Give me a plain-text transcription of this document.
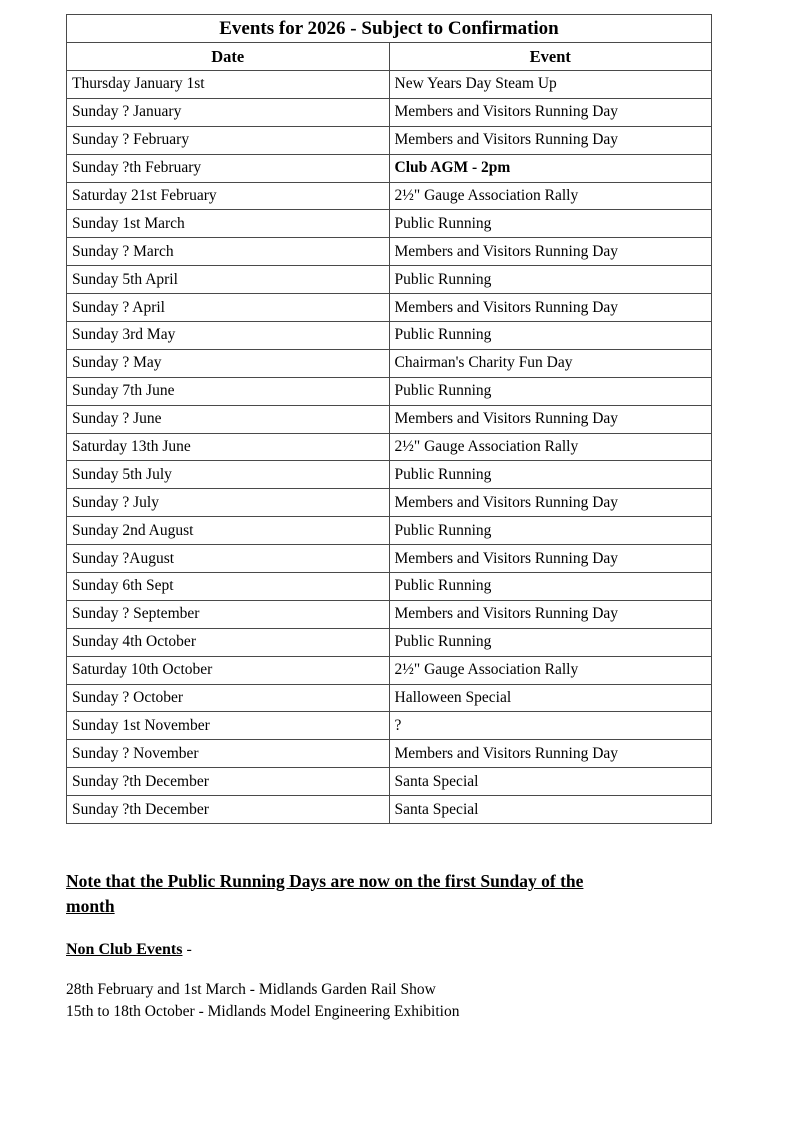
Events for 2026 - Subject to Confirmation	
Date	Event
Thursday January 1st	New Years Day Steam Up
Sunday ? January	Members and Visitors Running Day
Sunday ? February	Members and Visitors Running Day
Sunday ?th February	Club AGM - 2pm
Saturday 21st February	2½" Gauge Association Rally
Sunday 1st March	Public Running
Sunday ? March	Members and Visitors Running Day
Sunday 5th April	Public Running
Sunday ? April	Members and Visitors Running Day
Sunday 3rd May	Public Running
Sunday ? May	Chairman's Charity Fun Day
Sunday 7th June	Public Running
Sunday ? June	Members and Visitors Running Day
Saturday 13th June	2½" Gauge Association Rally
Sunday 5th July	Public Running
Sunday ? July	Members and Visitors Running Day
Sunday 2nd August	Public Running
Sunday ?August	Members and Visitors Running Day
Sunday 6th Sept	Public Running
Sunday ? September	Members and Visitors Running Day
Sunday 4th October	Public Running
Saturday 10th October	2½" Gauge Association Rally
Sunday ? October	Halloween Special
Sunday 1st November	?
Sunday ? November	Members and Visitors Running Day
Sunday ?th December	Santa Special
Sunday ?th December	Santa Special
Note that the Public Running Days are now on the first Sunday of the
month
Non Club Events -
28th February and 1st March - Midlands Garden Rail Show
15th to 18th October - Midlands Model Engineering Exhibition
